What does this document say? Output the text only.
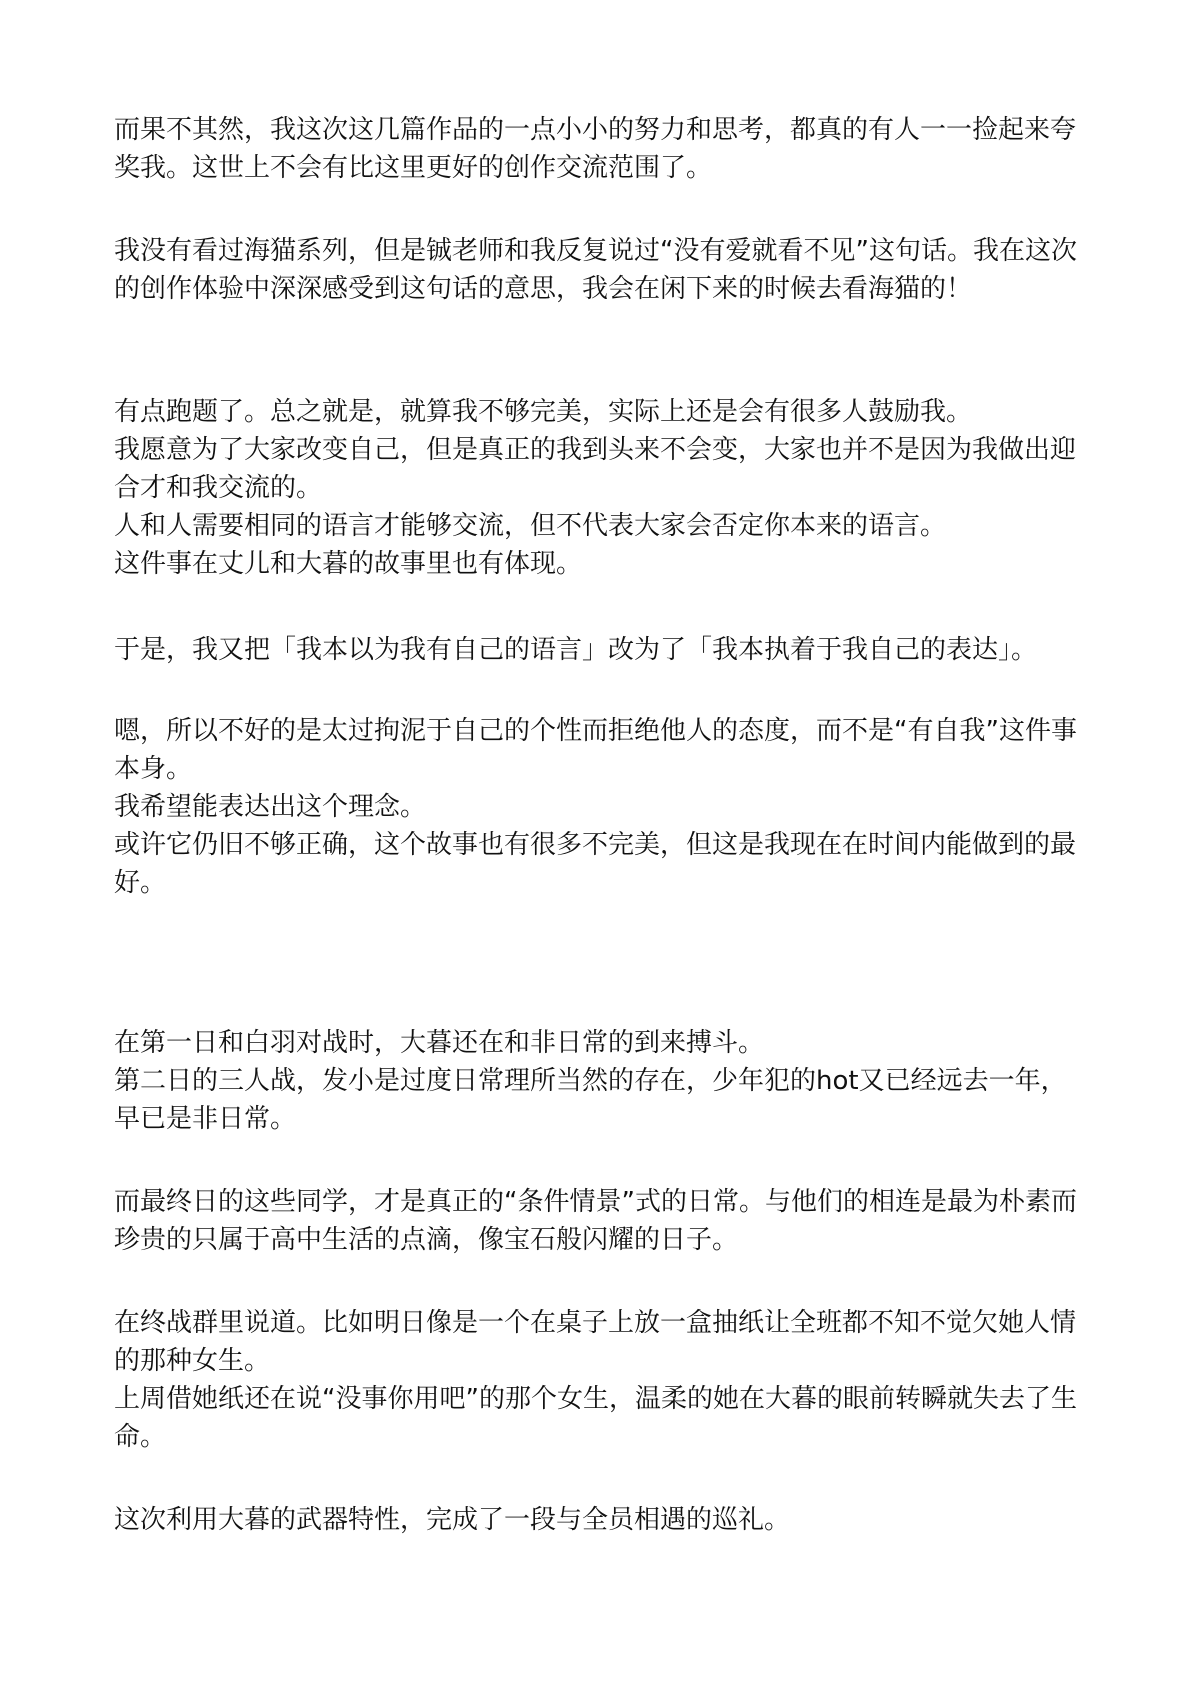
而果不其然，我这次这几篇作品的一点小小的努力和思考，都真的有人一一捡起来夸
奖我。这世上不会有比这里更好的创作交流范围了。
我没有看过海猫系列，但是铖老师和我反复说过“没有爱就看不见”这句话。我在这次
的创作体验中深深感受到这句话的意思，我会在闲下来的时候去看海猫的！
有点跑题了。总之就是，就算我不够完美，实际上还是会有很多人鼓励我。
我愿意为了大家改变自己，但是真正的我到头来不会变，大家也并不是因为我做出迎
合才和我交流的。
人和人需要相同的语言才能够交流，但不代表大家会否定你本来的语言。
这件事在丈儿和大暮的故事里也有体现。
于是，我又把「我本以为我有自己的语言」改为了「我本执着于我自己的表达」。
嗯，所以不好的是太过拘泥于自己的个性而拒绝他人的态度，而不是“有自我”这件事
本身。
我希望能表达出这个理念。
或许它仍旧不够正确，这个故事也有很多不完美，但这是我现在在时间内能做到的最
好。
在第一日和白羽对战时，大暮还在和非日常的到来搏斗。
第二日的三人战，发小是过度日常理所当然的存在，少年犯的hot又已经远去一年，
早已是非日常。
而最终日的这些同学，才是真正的“条件情景”式的日常。与他们的相连是最为朴素而
珍贵的只属于高中生活的点滴，像宝石般闪耀的日子。
在终战群里说道。比如明日像是一个在桌子上放一盒抽纸让全班都不知不觉欠她人情
的那种女生。
上周借她纸还在说“没事你用吧”的那个女生，温柔的她在大暮的眼前转瞬就失去了生
命。
这次利用大暮的武器特性，完成了一段与全员相遇的巡礼。
